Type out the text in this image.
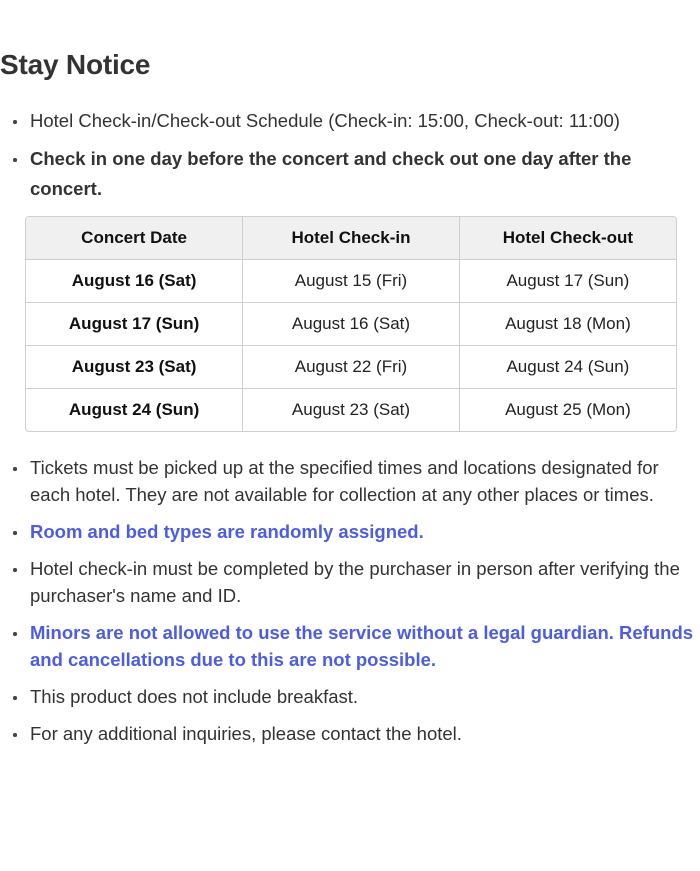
Stay Notice
Hotel Check-in/Check-out Schedule (Check-in: 15:00, Check-out: 11:00)
Check in one day before the concert and check out one day after the concert.
Concert Date	Hotel Check-in	Hotel Check-out
August 16 (Sat)	August 15 (Fri)	August 17 (Sun)
August 17 (Sun)	August 16 (Sat)	August 18 (Mon)
August 23 (Sat)	August 22 (Fri)	August 24 (Sun)
August 24 (Sun)	August 23 (Sat)	August 25 (Mon)
Tickets must be picked up at the specified times and locations designated for each hotel. They are not available for collection at any other places or times.
Room and bed types are randomly assigned.
Hotel check-in must be completed by the purchaser in person after verifying the purchaser's name and ID.
Minors are not allowed to use the service without a legal guardian. Refunds and cancellations due to this are not possible.
This product does not include breakfast.
For any additional inquiries, please contact the hotel.
